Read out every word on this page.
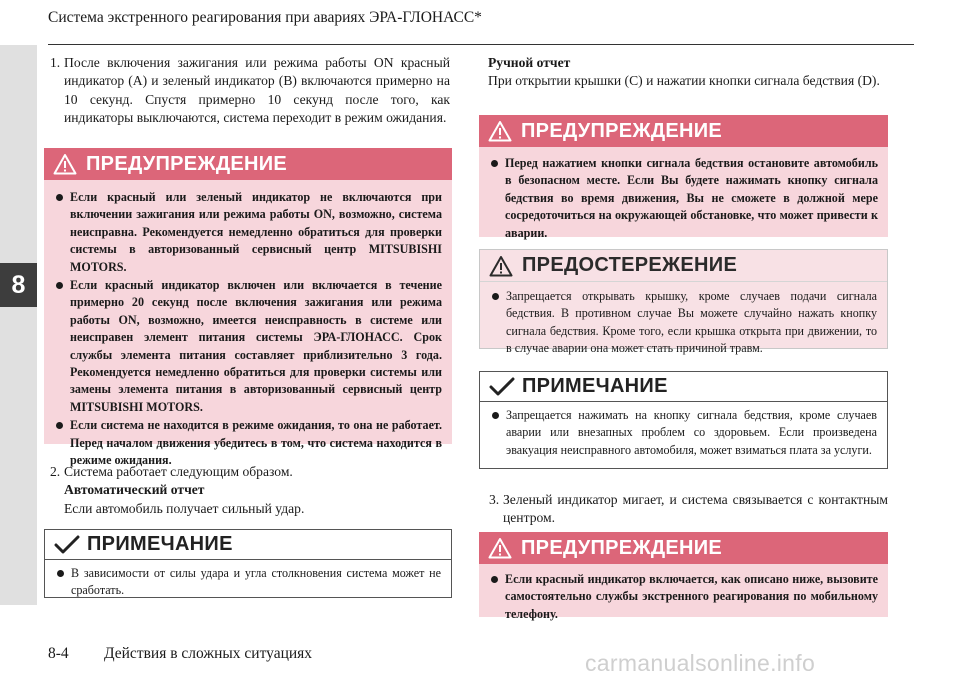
Система экстренного реагирования при авариях ЭРА-ГЛОНАСС*
8
1. После включения зажигания или режима работы ON красный индикатор (A) и зеленый индикатор (B) включаются примерно на 10 секунд. Спустя примерно 10 секунд после того, как индикаторы выключаются, система переходит в режим ожидания.
ПРЕДУПРЕЖДЕНИЕ
Если красный или зеленый индикатор не включаются при включении зажигания или режима работы ON, возможно, система неисправна. Рекомендуется немедленно обратиться для проверки системы в авторизованный сервисный центр MITSUBISHI MOTORS.
Если красный индикатор включен или включается в течение примерно 20 секунд после включения зажигания или режима работы ON, возможно, имеется неисправность в системе или неисправен элемент питания системы ЭРА-ГЛОНАСС. Срок службы элемента питания составляет приблизительно 3 года. Рекомендуется немедленно обратиться для проверки системы или замены элемента питания в авторизованный сервисный центр MITSUBISHI MOTORS.
Если система не находится в режиме ожидания, то она не работает. Перед началом движения убедитесь в том, что система находится в режиме ожидания.
2. Система работает следующим образом.
Автоматический отчет
Если автомобиль получает сильный удар.
ПРИМЕЧАНИЕ
В зависимости от силы удара и угла столкновения система может не сработать.
Ручной отчет
При открытии крышки (C) и нажатии кнопки сигнала бедствия (D).
ПРЕДУПРЕЖДЕНИЕ
Перед нажатием кнопки сигнала бедствия остановите автомобиль в безопасном месте. Если Вы будете нажимать кнопку сигнала бедствия во время движения, Вы не сможете в должной мере сосредоточиться на окружающей обстановке, что может привести к аварии.
ПРЕДОСТЕРЕЖЕНИЕ
Запрещается открывать крышку, кроме случаев подачи сигнала бедствия. В противном случае Вы можете случайно нажать кнопку сигнала бедствия. Кроме того, если крышка открыта при движении, то в случае аварии она может стать причиной травм.
ПРИМЕЧАНИЕ
Запрещается нажимать на кнопку сигнала бедствия, кроме случаев аварии или внезапных проблем со здоровьем. Если произведена эвакуация неисправного автомобиля, может взиматься плата за услуги.
3. Зеленый индикатор мигает, и система связывается с контактным центром.
ПРЕДУПРЕЖДЕНИЕ
Если красный индикатор включается, как описано ниже, вызовите самостоятельно службы экстренного реагирования по мобильному телефону.
8-4 Действия в сложных ситуациях	carmanualsonline.info
